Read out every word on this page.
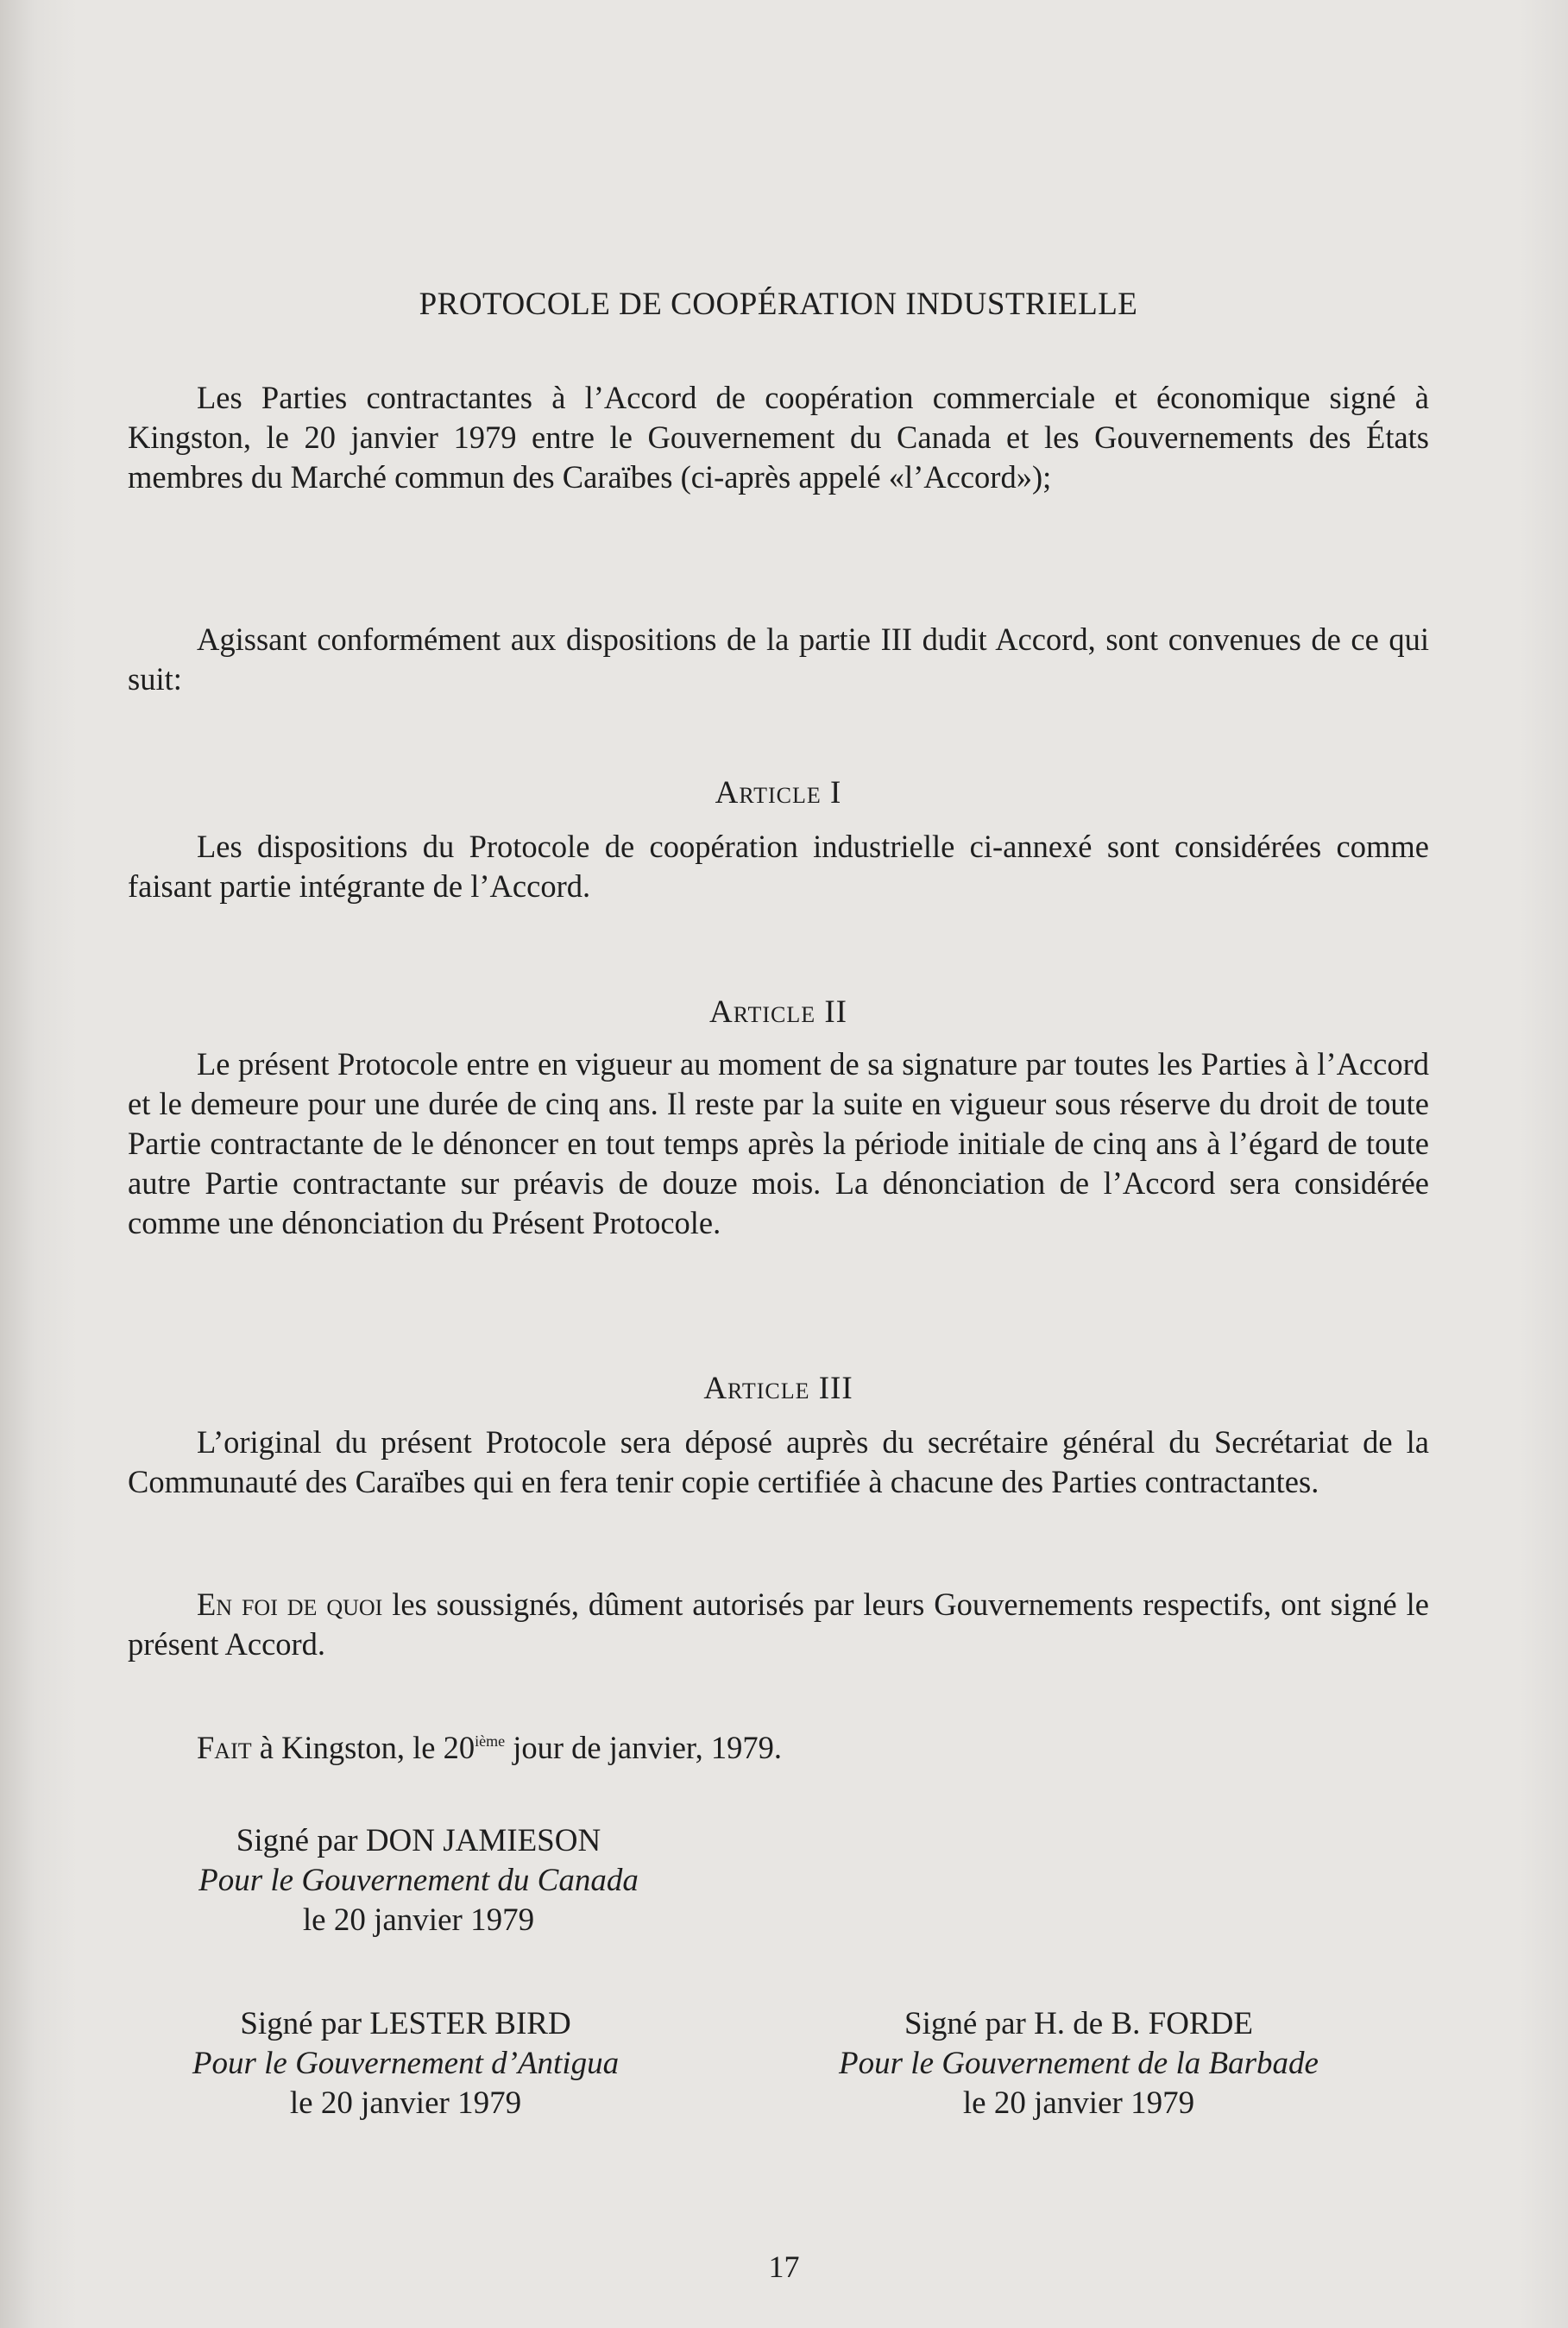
PROTOCOLE DE COOPÉRATION INDUSTRIELLE
Les Parties contractantes à l’Accord de coopération commerciale et économique signé à Kingston, le 20 janvier 1979 entre le Gouvernement du Canada et les Gouvernements des États membres du Marché commun des Caraïbes (ci-après appelé «l’Accord»);
Agissant conformément aux dispositions de la partie III dudit Accord, sont convenues de ce qui suit:
Article I
Les dispositions du Protocole de coopération industrielle ci-annexé sont considérées comme faisant partie intégrante de l’Accord.
Article II
Le présent Protocole entre en vigueur au moment de sa signature par toutes les Parties à l’Accord et le demeure pour une durée de cinq ans. Il reste par la suite en vigueur sous réserve du droit de toute Partie contractante de le dénoncer en tout temps après la période initiale de cinq ans à l’égard de toute autre Partie contractante sur préavis de douze mois. La dénonciation de l’Accord sera considérée comme une dénonciation du Présent Protocole.
Article III
L’original du présent Protocole sera déposé auprès du secrétaire général du Secrétariat de la Communauté des Caraïbes qui en fera tenir copie certifiée à chacune des Parties contractantes.
En foi de quoi les soussignés, dûment autorisés par leurs Gouvernements respectifs, ont signé le présent Accord.
Fait à Kingston, le 20ième jour de janvier, 1979.
Signé par DON JAMIESON
Pour le Gouvernement du Canada
le 20 janvier 1979
Signé par LESTER BIRD
Pour le Gouvernement d’Antigua
le 20 janvier 1979
Signé par H. de B. FORDE
Pour le Gouvernement de la Barbade
le 20 janvier 1979
17
